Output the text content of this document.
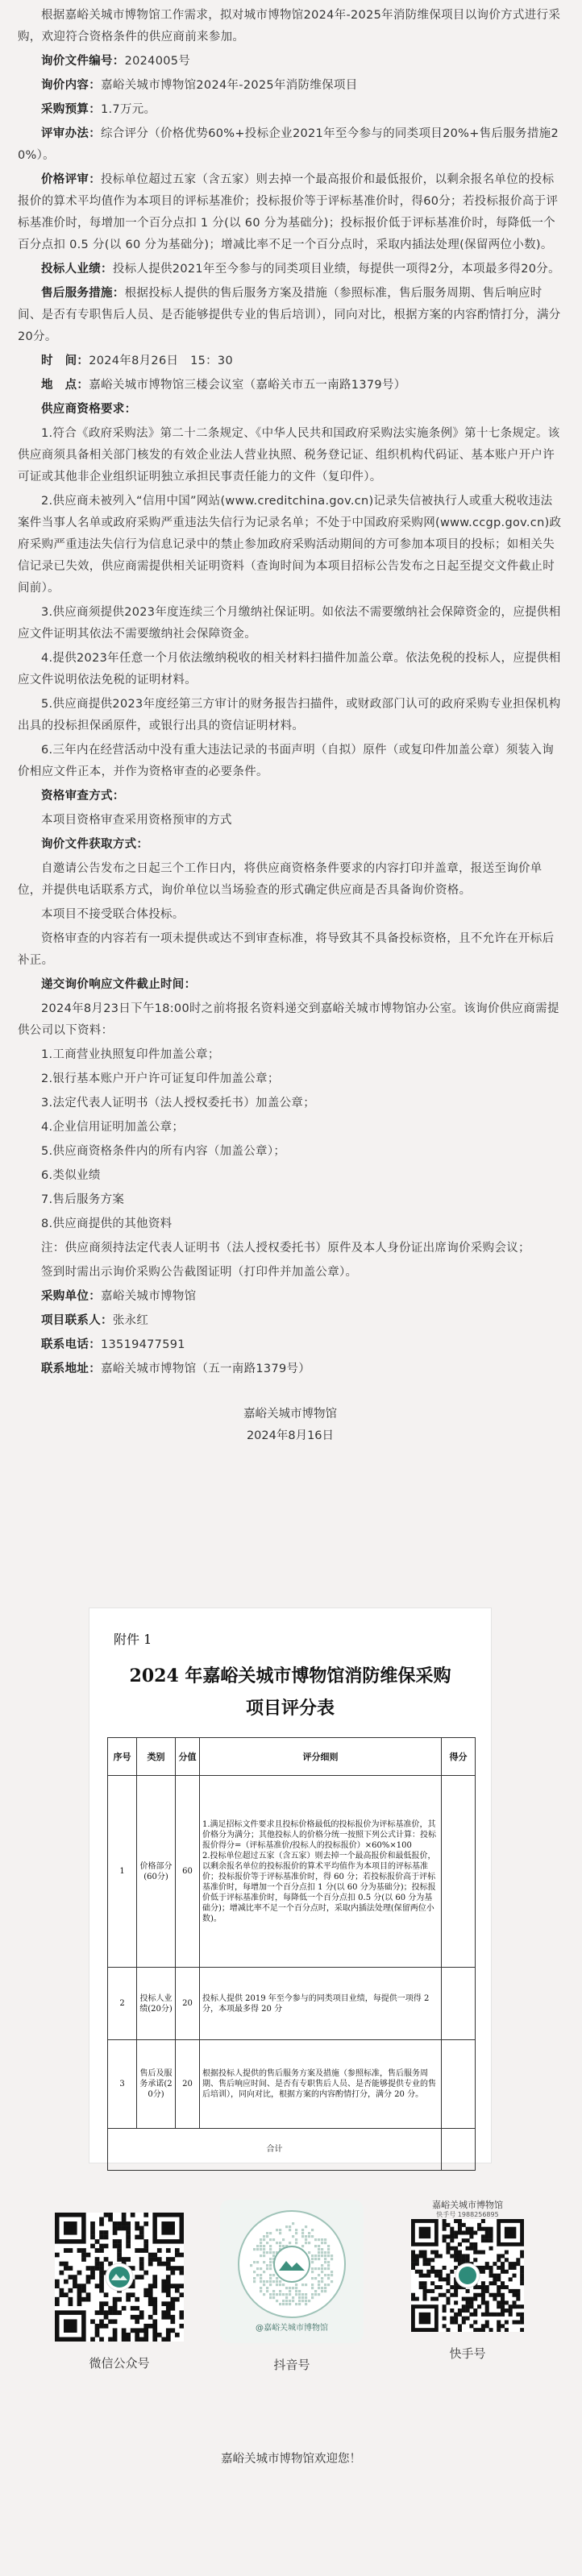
根据嘉峪关城市博物馆工作需求，拟对城市博物馆2024年-2025年消防维保项目以询价方式进行采购，欢迎符合资格条件的供应商前来参加。

询价文件编号：2024005号

询价内容：嘉峪关城市博物馆2024年-2025年消防维保项目

采购预算：1.7万元。

评审办法：综合评分（价格优势60%+投标企业2021年至今参与的同类项目20%+售后服务措施20%）。

价格评审：投标单位超过五家（含五家）则去掉一个最高报价和最低报价，以剩余报名单位的投标报价的算术平均值作为本项目的评标基准价；投标报价等于评标基准价时，得60分；若投标报价高于评标基准价时，每增加一个百分点扣 1 分(以 60 分为基础分)；投标报价低于评标基准价时，每降低一个百分点扣 0.5 分(以 60 分为基础分)；增减比率不足一个百分点时，采取内插法处理(保留两位小数)。

投标人业绩：投标人提供2021年至今参与的同类项目业绩，每提供一项得2分，本项最多得20分。

售后服务措施：根据投标人提供的售后服务方案及措施（参照标准，售后服务周期、售后响应时间、是否有专职售后人员、是否能够提供专业的售后培训），同向对比，根据方案的内容酌情打分，满分20分。

时　间：2024年8月26日　15：30

地　点：嘉峪关城市博物馆三楼会议室（嘉峪关市五一南路1379号）

供应商资格要求：

1.符合《政府采购法》第二十二条规定、《中华人民共和国政府采购法实施条例》第十七条规定。该供应商须具备相关部门核发的有效企业法人营业执照、税务登记证、组织机构代码证、基本账户开户许可证或其他非企业组织证明独立承担民事责任能力的文件（复印件）。

2.供应商未被列入“信用中国”网站(www.creditchina.gov.cn)记录失信被执行人或重大税收违法案件当事人名单或政府采购严重违法失信行为记录名单；不处于中国政府采购网(www.ccgp.gov.cn)政府采购严重违法失信行为信息记录中的禁止参加政府采购活动期间的方可参加本项目的投标；如相关失信记录已失效，供应商需提供相关证明资料（查询时间为本项目招标公告发布之日起至提交文件截止时间前）。

3.供应商须提供2023年度连续三个月缴纳社保证明。如依法不需要缴纳社会保障资金的，应提供相应文件证明其依法不需要缴纳社会保障资金。

4.提供2023年任意一个月依法缴纳税收的相关材料扫描件加盖公章。依法免税的投标人，应提供相应文件说明依法免税的证明材料。

5.供应商提供2023年度经第三方审计的财务报告扫描件，或财政部门认可的政府采购专业担保机构出具的投标担保函原件，或银行出具的资信证明材料。

6.三年内在经营活动中没有重大违法记录的书面声明（自拟）原件（或复印件加盖公章）须装入询价相应文件正本，并作为资格审查的必要条件。

资格审查方式：

本项目资格审查采用资格预审的方式

询价文件获取方式：

自邀请公告发布之日起三个工作日内，将供应商资格条件要求的内容打印并盖章，报送至询价单位，并提供电话联系方式，询价单位以当场验查的形式确定供应商是否具备询价资格。

本项目不接受联合体投标。

资格审查的内容若有一项未提供或达不到审查标准，将导致其不具备投标资格，且不允许在开标后补正。

递交询价响应文件截止时间：

2024年8月23日下午18:00时之前将报名资料递交到嘉峪关城市博物馆办公室。该询价供应商需提供公司以下资料：

1.工商营业执照复印件加盖公章；

2.银行基本账户开户许可证复印件加盖公章；

3.法定代表人证明书（法人授权委托书）加盖公章；

4.企业信用证明加盖公章；

5.供应商资格条件内的所有内容（加盖公章）；

6.类似业绩

7.售后服务方案

8.供应商提供的其他资料

注：供应商须持法定代表人证明书（法人授权委托书）原件及本人身份证出席询价采购会议；

签到时需出示询价采购公告截图证明（打印件并加盖公章）。

采购单位：嘉峪关城市博物馆

项目联系人：张永红

联系电话：13519477591

联系地址：嘉峪关城市博物馆（五一南路1379号）

嘉峪关城市博物馆

2024年8月16日

附件 1
2024 年嘉峪关城市博物馆消防维保采购
项目评分表
序号	类别	分值	评分细则	得分
1	价格部分(60分)	60	1.满足招标文件要求且投标价格最低的投标报价为评标基准价，其价格分为满分；其他投标人的价格分统一按照下列公式计算：投标报价得分=（评标基准价/投标人的投标报价）×60%×100
2.投标单位超过五家（含五家）则去掉一个最高报价和最低报价，以剩余报名单位的投标报价的算术平均值作为本项目的评标基准价；投标报价等于评标基准价时，得 60 分；若投标报价高于评标基准价时，每增加一个百分点扣 1 分(以 60 分为基础分)；投标报价低于评标基准价时，每降低一个百分点扣 0.5 分(以 60 分为基础分)；增减比率不足一个百分点时，采取内插法处理(保留两位小数)。	
2	投标人业绩(20分)	20	投标人提供 2019 年至今参与的同类项目业绩，每提供一项得 2 分，本项最多得 20 分	
3	售后及服务承诺(20分)	20	根据投标人提供的售后服务方案及措施（参照标准，售后服务周期、售后响应时间、是否有专职售后人员、是否能够提供专业的售后培训），同向对比，根据方案的内容酌情打分，满分 20 分。	
合计				
微信公众号
@嘉峪关城市博物馆
抖音号
嘉峪关城市博物馆
快手号 1988256895
快手号
嘉峪关城市博物馆欢迎您！
